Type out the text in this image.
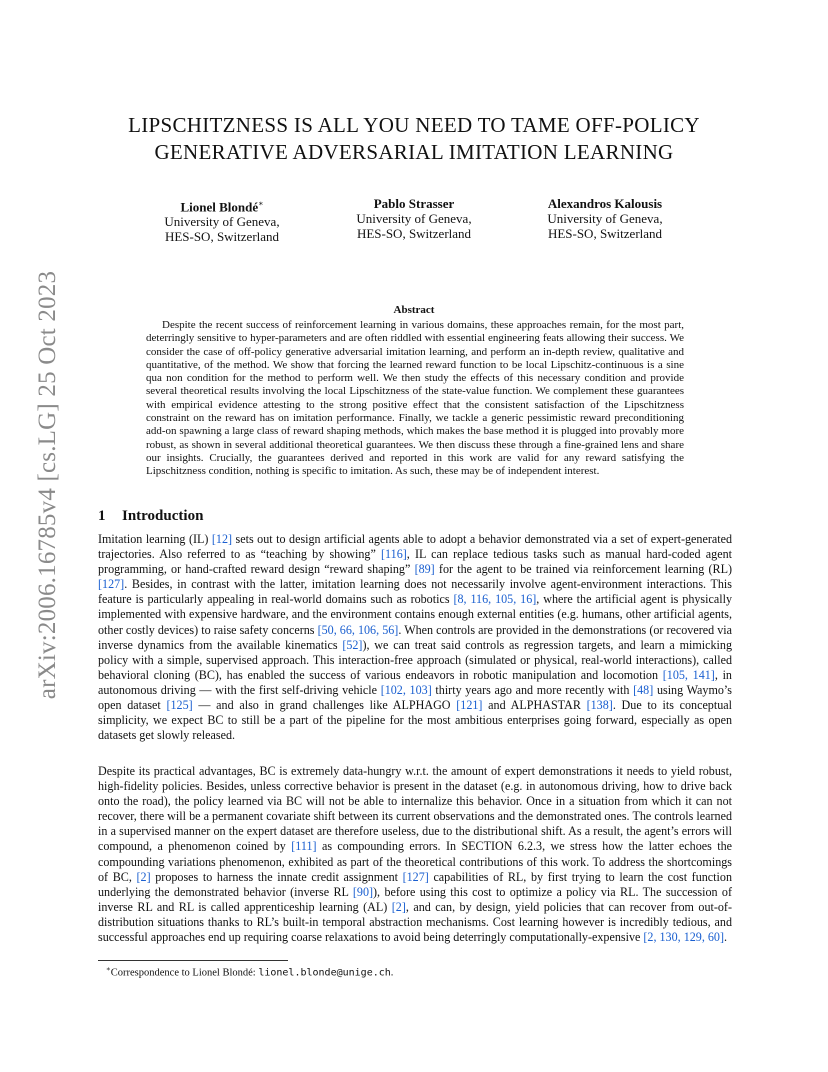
arXiv:2006.16785v4 [cs.LG] 25 Oct 2023
LIPSCHITZNESS IS ALL YOU NEED TO TAME OFF-POLICY
GENERATIVE ADVERSARIAL IMITATION LEARNING
Lionel Blondé∗
University of Geneva,
HES-SO, Switzerland
Pablo Strasser
University of Geneva,
HES-SO, Switzerland
Alexandros Kalousis
University of Geneva,
HES-SO, Switzerland
Abstract

Despite the recent success of reinforcement learning in various domains, these approaches remain, for the most part, deterringly sensitive to hyper-parameters and are often riddled with essential engineering feats allowing their success. We consider the case of off-policy generative adversarial imitation learning, and perform an in-depth review, qualitative and quantitative, of the method. We show that forcing the learned reward function to be local Lipschitz-continuous is a sine qua non condition for the method to perform well. We then study the effects of this necessary condition and provide several theoretical results involving the local Lipschitzness of the state-value function. We complement these guarantees with empirical evidence attesting to the strong positive effect that the consistent satisfaction of the Lipschitzness constraint on the reward has on imitation performance. Finally, we tackle a generic pessimistic reward preconditioning add-on spawning a large class of reward shaping methods, which makes the base method it is plugged into provably more robust, as shown in several additional theoretical guarantees. We then discuss these through a fine-grained lens and share our insights. Crucially, the guarantees derived and reported in this work are valid for any reward satisfying the Lipschitzness condition, nothing is specific to imitation. As such, these may be of independent interest.

1 Introduction

Imitation learning (IL) [12] sets out to design artificial agents able to adopt a behavior demonstrated via a set of expert-generated trajectories. Also referred to as “teaching by showing” [116], IL can replace tedious tasks such as manual hard-coded agent programming, or hand-crafted reward design “reward shaping” [89] for the agent to be trained via reinforcement learning (RL) [127]. Besides, in contrast with the latter, imitation learning does not necessarily involve agent-environment interactions. This feature is particularly appealing in real-world domains such as robotics [8, 116, 105, 16], where the artificial agent is physically implemented with expensive hardware, and the environment contains enough external entities (e.g. humans, other artificial agents, other costly devices) to raise safety concerns [50, 66, 106, 56]. When controls are provided in the demonstrations (or recovered via inverse dynamics from the available kinematics [52]), we can treat said controls as regression targets, and learn a mimicking policy with a simple, supervised approach. This interaction-free approach (simulated or physical, real-world interactions), called behavioral cloning (BC), has enabled the success of various endeavors in robotic manipulation and locomotion [105, 141], in autonomous driving — with the first self-driving vehicle [102, 103] thirty years ago and more recently with [48] using Waymo’s open dataset [125] — and also in grand challenges like ALPHAGO [121] and ALPHASTAR [138]. Due to its conceptual simplicity, we expect BC to still be a part of the pipeline for the most ambitious enterprises going forward, especially as open datasets get slowly released.

Despite its practical advantages, BC is extremely data-hungry w.r.t. the amount of expert demonstrations it needs to yield robust, high-fidelity policies. Besides, unless corrective behavior is present in the dataset (e.g. in autonomous driving, how to drive back onto the road), the policy learned via BC will not be able to internalize this behavior. Once in a situation from which it can not recover, there will be a permanent covariate shift between its current observations and the demonstrated ones. The controls learned in a supervised manner on the expert dataset are therefore useless, due to the distributional shift. As a result, the agent’s errors will compound, a phenomenon coined by [111] as compounding errors. In SECTION 6.2.3, we stress how the latter echoes the compounding variations phenomenon, exhibited as part of the theoretical contributions of this work. To address the shortcomings of BC, [2] proposes to harness the innate credit assignment [127] capabilities of RL, by first trying to learn the cost function underlying the demonstrated behavior (inverse RL [90]), before using this cost to optimize a policy via RL. The succession of inverse RL and RL is called apprenticeship learning (AL) [2], and can, by design, yield policies that can recover from out-of-distribution situations thanks to RL’s built-in temporal abstraction mechanisms. Cost learning however is incredibly tedious, and successful approaches end up requiring coarse relaxations to avoid being deterringly computationally-expensive [2, 130, 129, 60].

∗Correspondence to Lionel Blondé: lionel.blonde@unige.ch.
